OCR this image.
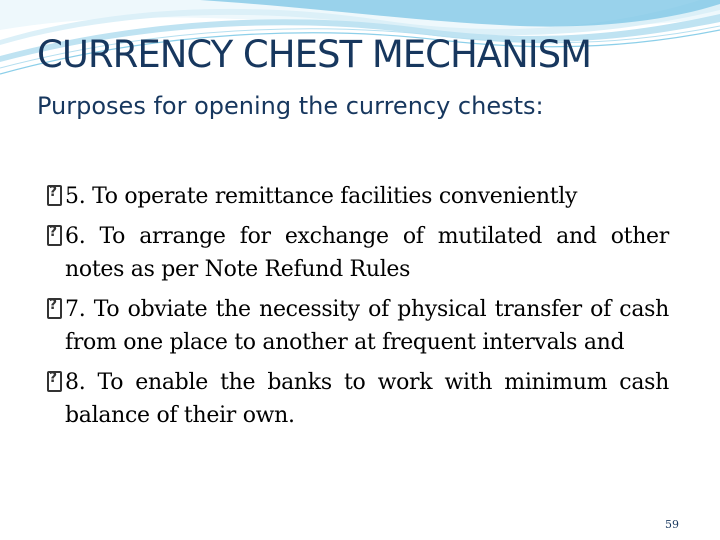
CURRENCY CHEST MECHANISM
Purposes for opening the currency chests:
?
5. To operate remittance facilities conveniently
?
6. To arrange for exchange of mutilated and other notes as per Note Refund Rules
?
7. To obviate the necessity of physical transfer of cash from one place to another at frequent intervals and
?
8. To enable the banks to work with minimum cash balance of their own.
59
